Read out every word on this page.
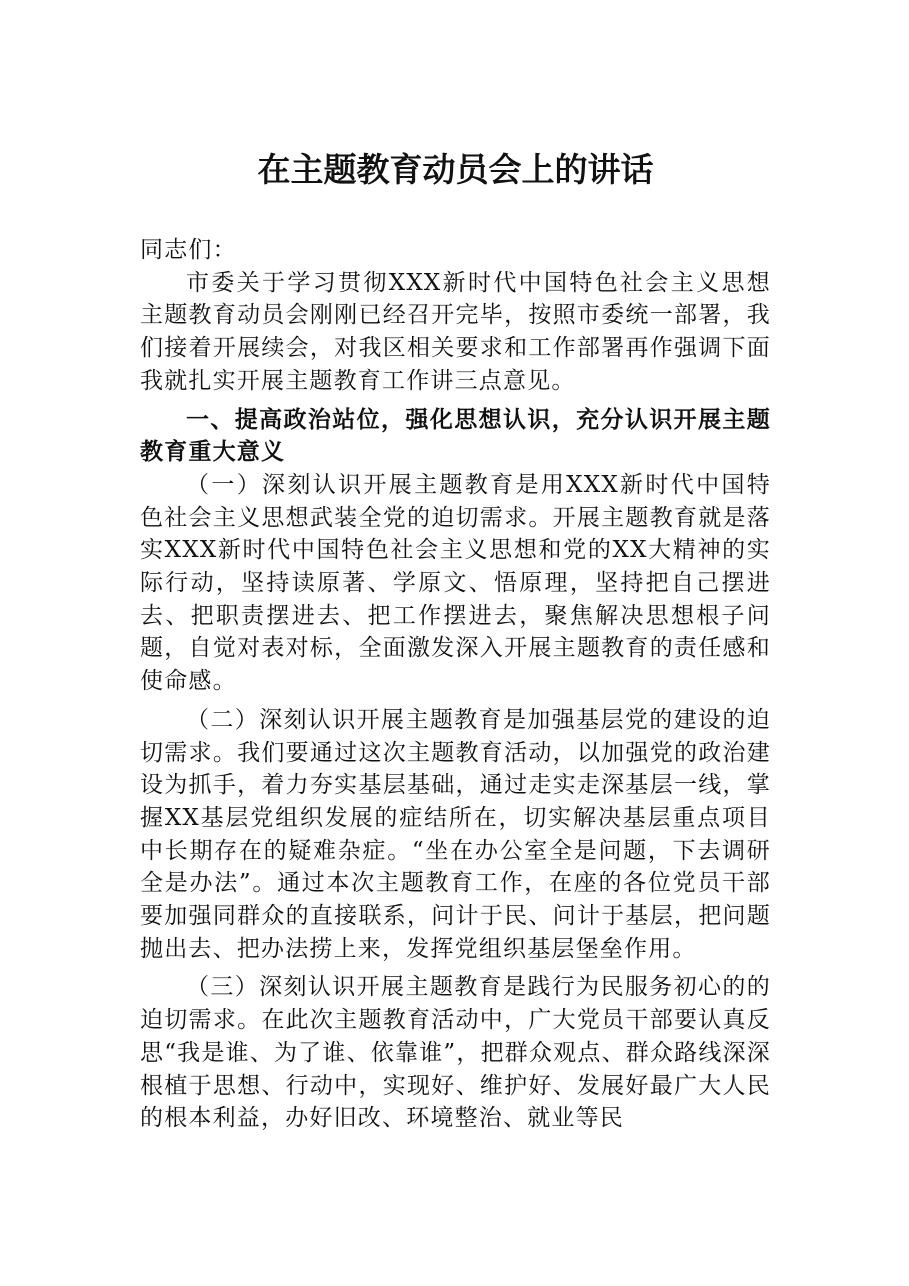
在主题教育动员会上的讲话

同志们：

市委关于学习贯彻XXX新时代中国特色社会主义思想主题教育动员会刚刚已经召开完毕，按照市委统一部署，我们接着开展续会，对我区相关要求和工作部署再作强调下面我就扎实开展主题教育工作讲三点意见。

一、提高政治站位，强化思想认识，充分认识开展主题教育重大意义

（一）深刻认识开展主题教育是用XXX新时代中国特色社会主义思想武装全党的迫切需求。开展主题教育就是落实XXX新时代中国特色社会主义思想和党的XX大精神的实际行动，坚持读原著、学原文、悟原理，坚持把自己摆进去、把职责摆进去、把工作摆进去，聚焦解决思想根子问题，自觉对表对标，全面激发深入开展主题教育的责任感和使命感。

（二）深刻认识开展主题教育是加强基层党的建设的迫切需求。我们要通过这次主题教育活动，以加强党的政治建设为抓手，着力夯实基层基础，通过走实走深基层一线，掌握XX基层党组织发展的症结所在，切实解决基层重点项目中长期存在的疑难杂症。“坐在办公室全是问题，下去调研全是办法”。通过本次主题教育工作，在座的各位党员干部要加强同群众的直接联系，问计于民、问计于基层，把问题抛出去、把办法捞上来，发挥党组织基层堡垒作用。

（三）深刻认识开展主题教育是践行为民服务初心的的迫切需求。在此次主题教育活动中，广大党员干部要认真反思“我是谁、为了谁、依靠谁”，把群众观点、群众路线深深根植于思想、行动中，实现好、维护好、发展好最广大人民的根本利益，办好旧改、环境整治、就业等民
